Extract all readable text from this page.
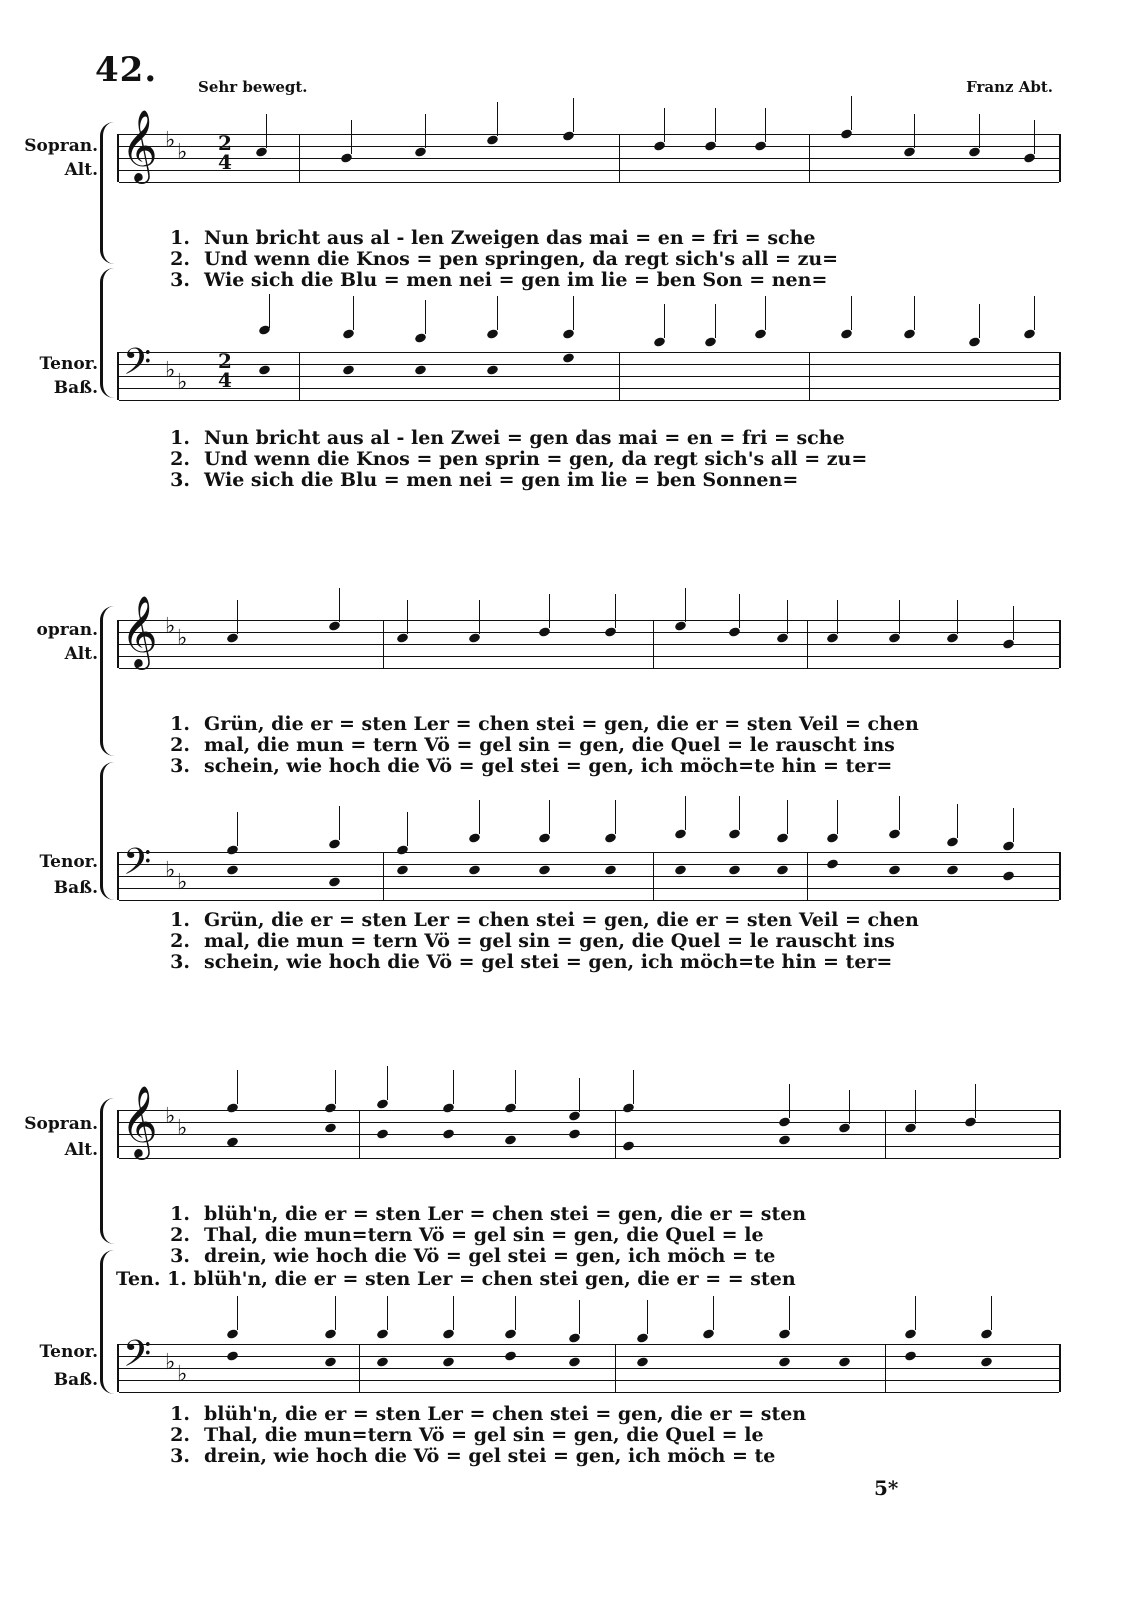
42.	Sehr bewegt.	Franz Abt.
Sopran.
Alt. 𝄞 ♭ ♭ 2
4
1. Nun bricht aus al - len Zweigen das mai = en = fri = sche
2. Und wenn die Knos = pen springen, da regt sich's all = zu=
3. Wie sich die Blu = men nei = gen im lie = ben Son = nen=
Tenor.
Baß. 𝄢 ♭ ♭
2
4
1. Nun bricht aus al - len Zwei = gen das mai = en = fri = sche
2. Und wenn die Knos = pen sprin = gen, da regt sich's all = zu=
3. Wie sich die Blu = men nei = gen im lie = ben Sonnen=
opran.
Alt. 𝄞 ♭ ♭
1. Grün, die er = sten Ler = chen stei = gen, die er = sten Veil = chen
2. mal, die mun = tern Vö = gel sin = gen, die Quel = le rauscht ins
3. schein, wie hoch die Vö = gel stei = gen, ich möch=te hin = ter=
Tenor.
Baß. 𝄢 ♭ ♭
1. Grün, die er = sten Ler = chen stei = gen, die er = sten Veil = chen
2. mal, die mun = tern Vö = gel sin = gen, die Quel = le rauscht ins
3. schein, wie hoch die Vö = gel stei = gen, ich möch=te hin = ter=
Sopran.
Alt. 𝄞 ♭ ♭
1. blüh'n, die er = sten Ler = chen stei = gen, die er = sten
2. Thal, die mun=tern Vö = gel sin = gen, die Quel = le
3. drein, wie hoch die Vö = gel stei = gen, ich möch = te
Ten. 1. blüh'n, die er = sten Ler = chen stei gen, die er = = sten
Tenor.
Baß. 𝄢 ♭ ♭
1. blüh'n, die er = sten Ler = chen stei = gen, die er = sten
2. Thal, die mun=tern Vö = gel sin = gen, die Quel = le
3. drein, wie hoch die Vö = gel stei = gen, ich möch = te
5*
